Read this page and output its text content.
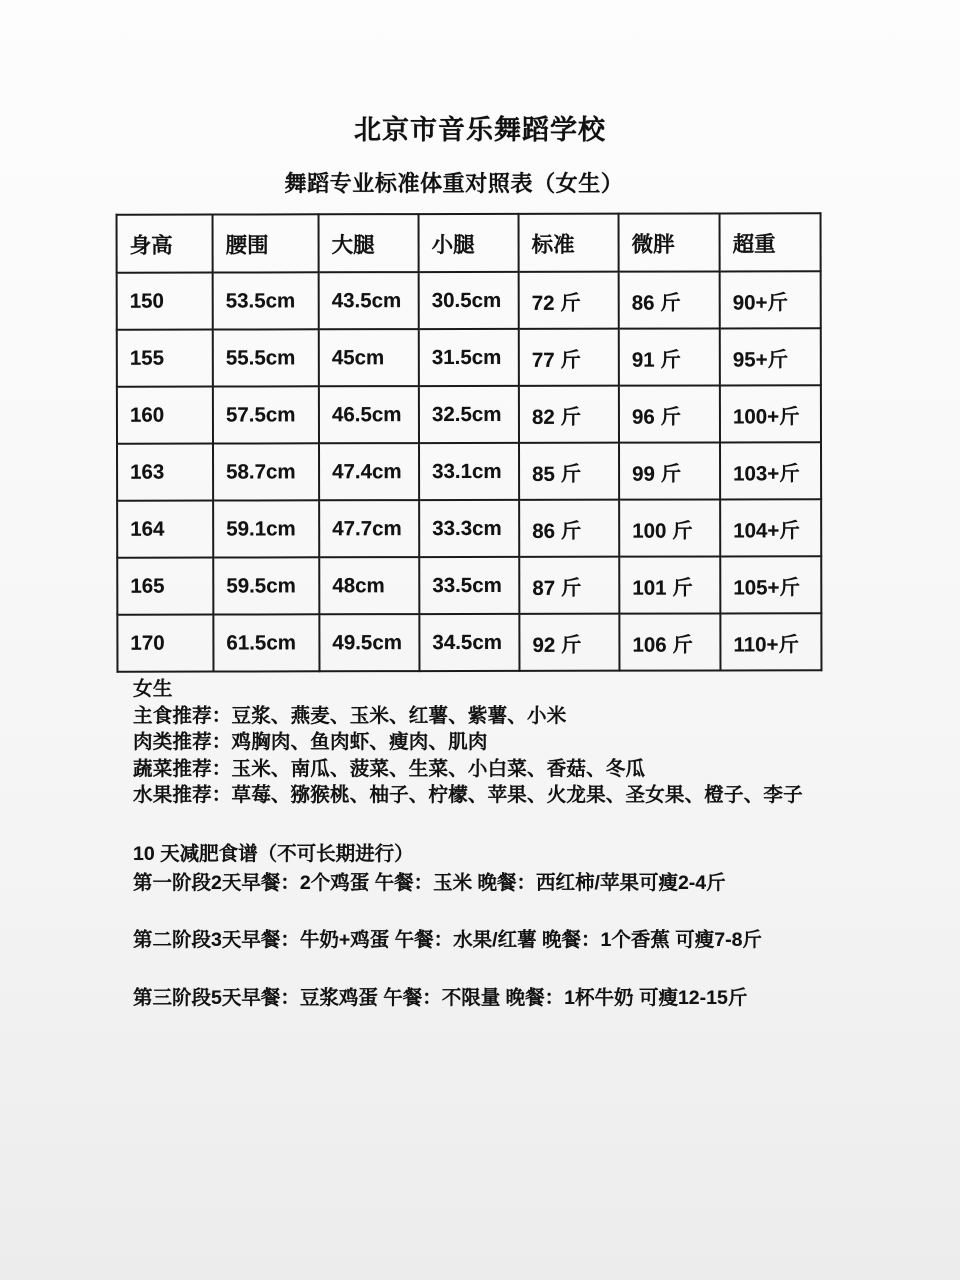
北京市音乐舞蹈学校
舞蹈专业标准体重对照表（女生）
身高	腰围	大腿	小腿	标准	微胖	超重
150	53.5cm	43.5cm	30.5cm	72 斤	86 斤	90+斤
155	55.5cm	45cm	31.5cm	77 斤	91 斤	95+斤
160	57.5cm	46.5cm	32.5cm	82 斤	96 斤	100+斤
163	58.7cm	47.4cm	33.1cm	85 斤	99 斤	103+斤
164	59.1cm	47.7cm	33.3cm	86 斤	100 斤	104+斤
165	59.5cm	48cm	33.5cm	87 斤	101 斤	105+斤
170	61.5cm	49.5cm	34.5cm	92 斤	106 斤	110+斤
女生
主食推荐：豆浆、燕麦、玉米、红薯、紫薯、小米
肉类推荐：鸡胸肉、鱼肉虾、瘦肉、肌肉
蔬菜推荐：玉米、南瓜、菠菜、生菜、小白菜、香菇、冬瓜
水果推荐：草莓、猕猴桃、柚子、柠檬、苹果、火龙果、圣女果、橙子、李子
10 天减肥食谱（不可长期进行）
第一阶段2天早餐：2个鸡蛋 午餐：玉米 晚餐：西红柿/苹果可瘦2-4斤
第二阶段3天早餐：牛奶+鸡蛋 午餐：水果/红薯 晚餐：1个香蕉 可瘦7-8斤
第三阶段5天早餐：豆浆鸡蛋 午餐：不限量 晚餐：1杯牛奶 可瘦12-15斤
